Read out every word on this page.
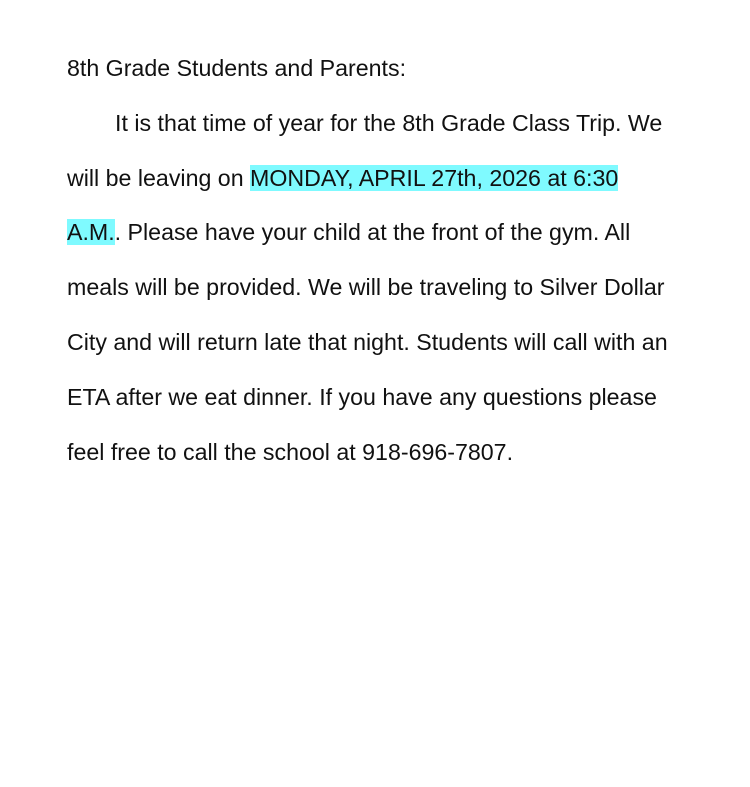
8th Grade Students and Parents:
It is that time of year for the 8th Grade Class Trip. We
will be leaving on MONDAY, APRIL 27th, 2026 at 6:30
A.M.. Please have your child at the front of the gym. All
meals will be provided. We will be traveling to Silver Dollar
City and will return late that night. Students will call with an
ETA after we eat dinner. If you have any questions please
feel free to call the school at 918-696-7807.
